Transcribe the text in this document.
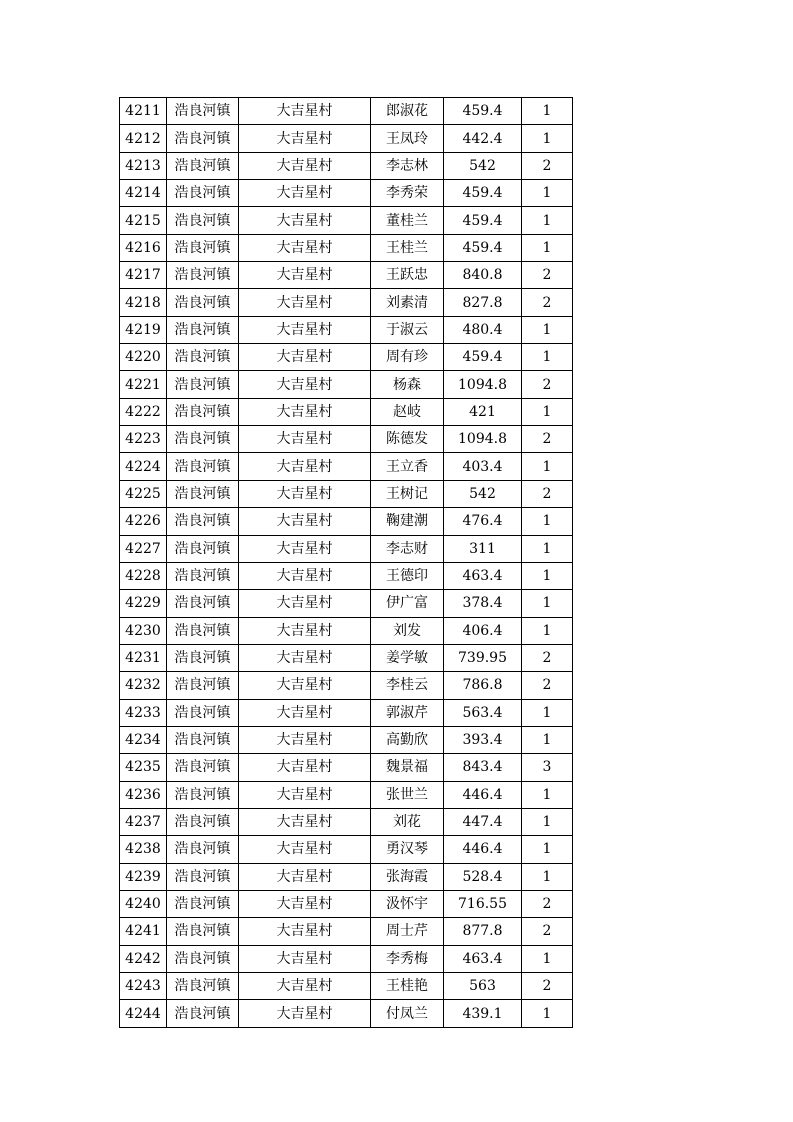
4211	浩良河镇	大吉星村	郎淑花	459.4	1
4212	浩良河镇	大吉星村	王凤玲	442.4	1
4213	浩良河镇	大吉星村	李志林	542	2
4214	浩良河镇	大吉星村	李秀荣	459.4	1
4215	浩良河镇	大吉星村	董桂兰	459.4	1
4216	浩良河镇	大吉星村	王桂兰	459.4	1
4217	浩良河镇	大吉星村	王跃忠	840.8	2
4218	浩良河镇	大吉星村	刘素清	827.8	2
4219	浩良河镇	大吉星村	于淑云	480.4	1
4220	浩良河镇	大吉星村	周有珍	459.4	1
4221	浩良河镇	大吉星村	杨森	1094.8	2
4222	浩良河镇	大吉星村	赵岐	421	1
4223	浩良河镇	大吉星村	陈德发	1094.8	2
4224	浩良河镇	大吉星村	王立香	403.4	1
4225	浩良河镇	大吉星村	王树记	542	2
4226	浩良河镇	大吉星村	鞠建潮	476.4	1
4227	浩良河镇	大吉星村	李志财	311	1
4228	浩良河镇	大吉星村	王德印	463.4	1
4229	浩良河镇	大吉星村	伊广富	378.4	1
4230	浩良河镇	大吉星村	刘发	406.4	1
4231	浩良河镇	大吉星村	姜学敏	739.95	2
4232	浩良河镇	大吉星村	李桂云	786.8	2
4233	浩良河镇	大吉星村	郭淑芹	563.4	1
4234	浩良河镇	大吉星村	高勤欣	393.4	1
4235	浩良河镇	大吉星村	魏景福	843.4	3
4236	浩良河镇	大吉星村	张世兰	446.4	1
4237	浩良河镇	大吉星村	刘花	447.4	1
4238	浩良河镇	大吉星村	勇汉琴	446.4	1
4239	浩良河镇	大吉星村	张海霞	528.4	1
4240	浩良河镇	大吉星村	汲怀宇	716.55	2
4241	浩良河镇	大吉星村	周士芹	877.8	2
4242	浩良河镇	大吉星村	李秀梅	463.4	1
4243	浩良河镇	大吉星村	王桂艳	563	2
4244	浩良河镇	大吉星村	付凤兰	439.1	1
